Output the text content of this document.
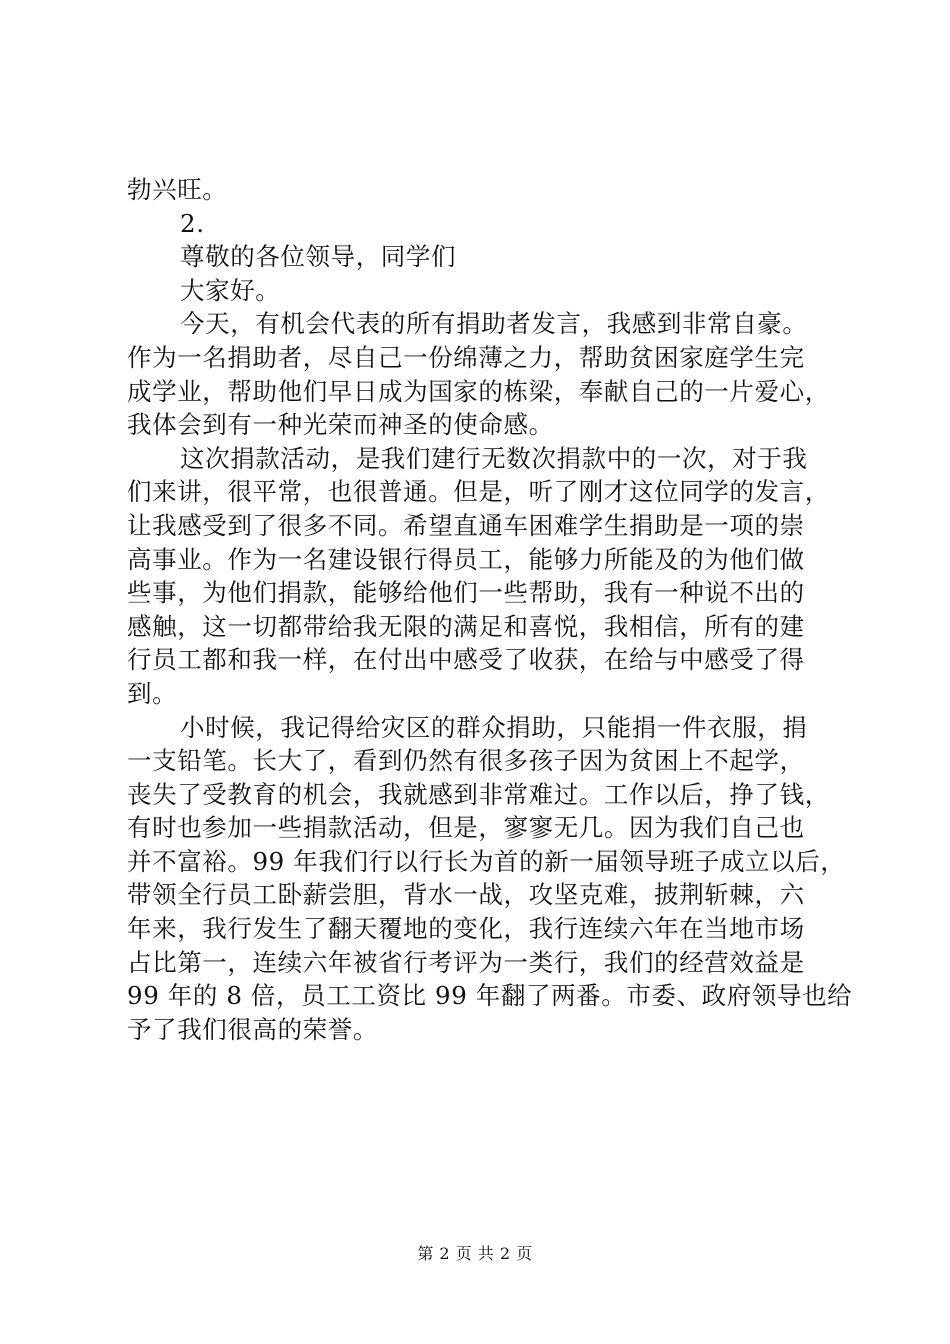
勃兴旺。
2.
尊敬的各位领导，同学们
大家好。
今天，有机会代表的所有捐助者发言，我感到非常自豪。
作为一名捐助者，尽自己一份绵薄之力，帮助贫困家庭学生完
成学业，帮助他们早日成为国家的栋梁，奉献自己的一片爱心，
我体会到有一种光荣而神圣的使命感。
这次捐款活动，是我们建行无数次捐款中的一次，对于我
们来讲，很平常，也很普通。但是，听了刚才这位同学的发言，
让我感受到了很多不同。希望直通车困难学生捐助是一项的崇
高事业。作为一名建设银行得员工，能够力所能及的为他们做
些事，为他们捐款，能够给他们一些帮助，我有一种说不出的
感触，这一切都带给我无限的满足和喜悦，我相信，所有的建
行员工都和我一样，在付出中感受了收获，在给与中感受了得
到。
小时候，我记得给灾区的群众捐助，只能捐一件衣服，捐
一支铅笔。长大了，看到仍然有很多孩子因为贫困上不起学，
丧失了受教育的机会，我就感到非常难过。工作以后，挣了钱，
有时也参加一些捐款活动，但是，寥寥无几。因为我们自己也
并不富裕。99 年我们行以行长为首的新一届领导班子成立以后，
带领全行员工卧薪尝胆，背水一战，攻坚克难，披荆斩棘，六
年来，我行发生了翻天覆地的变化，我行连续六年在当地市场
占比第一，连续六年被省行考评为一类行，我们的经营效益是
99 年的 8 倍，员工工资比 99 年翻了两番。市委、政府领导也给
予了我们很高的荣誉。
第 2 页 共 2 页
